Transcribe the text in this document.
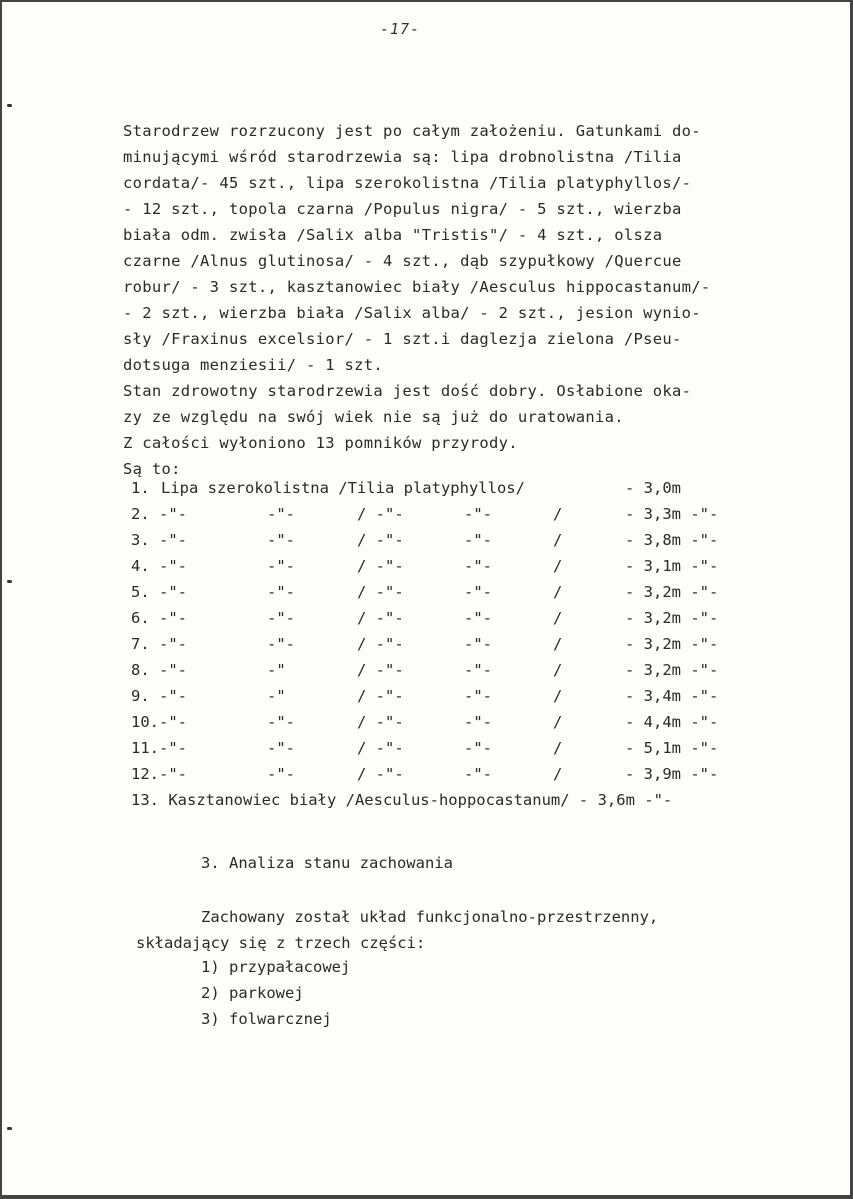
-17-
Starodrzew rozrzucony jest po całym założeniu. Gatunkami do-
minującymi wśród starodrzewia są: lipa drobnolistna /Tilia
cordata/- 45 szt., lipa szerokolistna /Tilia platyphyllos/-
- 12 szt., topola czarna /Populus nigra/ - 5 szt., wierzba
biała odm. zwisła /Salix alba "Tristis"/ - 4 szt., olsza
czarne /Alnus glutinosa/ - 4 szt., dąb szypułkowy /Quercue
robur/ - 3 szt., kasztanowiec biały /Aesculus hippocastanum/-
- 2 szt., wierzba biała /Salix alba/ - 2 szt., jesion wynio-
sły /Fraxinus excelsior/ - 1 szt.i daglezja zielona /Pseu-
dotsuga menziesii/ - 1 szt.
Stan zdrowotny starodrzewia jest dość dobry. Osłabione oka-
zy ze względu na swój wiek nie są już do uratowania.
Z całości wyłoniono 13 pomników przyrody.
Są to:
1. Lipa szerokolistna /Tilia platyphyllos/	- 3,0m
2. -"-	-"-	/ -"-	-"-	/	- 3,3m -"-
3. -"-	-"-	/ -"-	-"-	/	- 3,8m -"-
4. -"-	-"-	/ -"-	-"-	/	- 3,1m -"-
5. -"-	-"-	/ -"-	-"-	/	- 3,2m -"-
6. -"-	-"-	/ -"-	-"-	/	- 3,2m -"-
7. -"-	-"-	/ -"-	-"-	/	- 3,2m -"-
8. -"-	-"	/ -"-	-"-	/	- 3,2m -"-
9. -"-	-"	/ -"-	-"-	/	- 3,4m -"-
10.-"-	-"-	/ -"-	-"-	/	- 4,4m -"-
11.-"-	-"-	/ -"-	-"-	/	- 5,1m -"-
12.-"-	-"-	/ -"-	-"-	/	- 3,9m -"-
13. Kasztanowiec biały /Aesculus-hoppocastanum/ - 3,6m -"-
3. Analiza stanu zachowania
Zachowany został układ funkcjonalno-przestrzenny,
składający się z trzech części:
1) przypałacowej
2) parkowej
3) folwarcznej
